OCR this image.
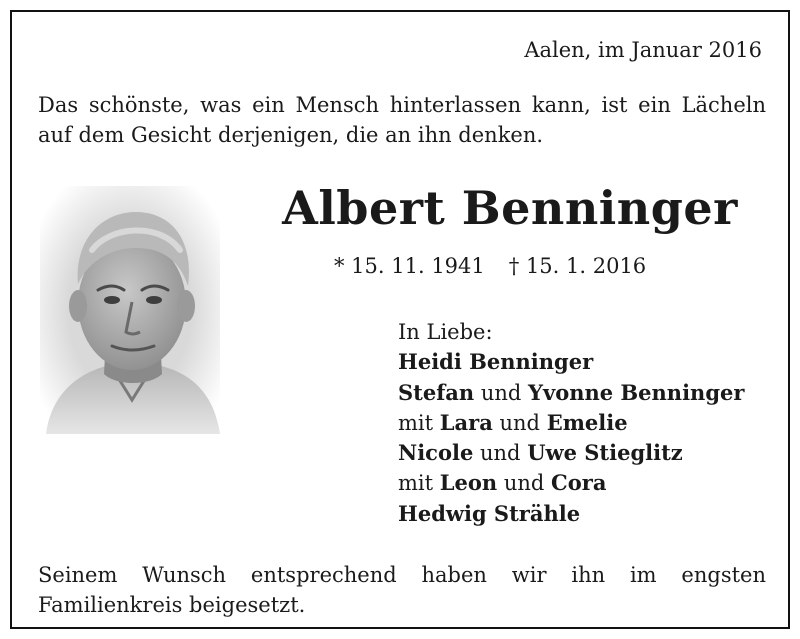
Aalen, im Januar 2016
Das schönste, was ein Mensch hinterlassen kann, ist ein Lächeln auf dem Gesicht derjenigen, die an ihn denken.
Albert Benninger
* 15. 11. 1941 † 15. 1. 2016
In Liebe:
Heidi Benninger
Stefan und Yvonne Benninger
mit Lara und Emelie
Nicole und Uwe Stieglitz
mit Leon und Cora
Hedwig Strähle
Seinem Wunsch entsprechend haben wir ihn im engsten Familienkreis beigesetzt.
